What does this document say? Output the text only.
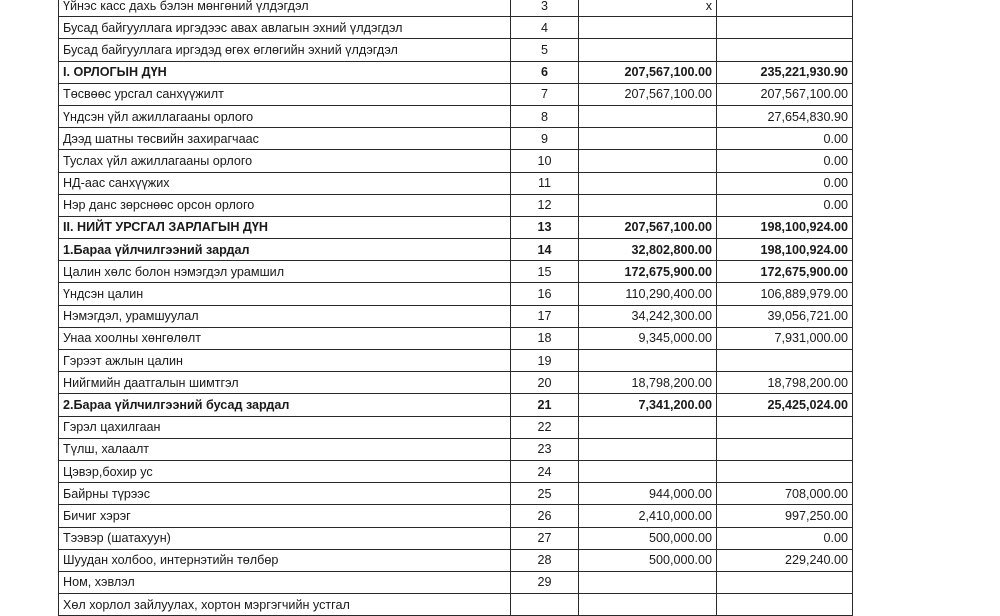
Үйнэс касс дахь бэлэн мөнгөний үлдэгдэл	3	x	
Бусад байгууллага иргэдээс авах авлагын эхний үлдэгдэл	4		
Бусад байгууллага иргэдэд өгөх өглөгийн эхний үлдэгдэл	5		
I. ОРЛОГЫН ДҮН	6	207,567,100.00	235,221,930.90
Төсвөөс урсгал санхүүжилт	7	207,567,100.00	207,567,100.00
Үндсэн үйл ажиллагааны орлого	8		27,654,830.90
Дээд шатны төсвийн захирагчаас	9		0.00
Туслах үйл ажиллагааны орлого	10		0.00
НД-аас санхүүжих	11		0.00
Нэр данс зөрснөөс орсон орлого	12		0.00
II. НИЙТ УРСГАЛ ЗАРЛАГЫН ДҮН	13	207,567,100.00	198,100,924.00
1.Бараа үйлчилгээний зардал	14	32,802,800.00	198,100,924.00
Цалин хөлс болон нэмэгдэл урамшил	15	172,675,900.00	172,675,900.00
Үндсэн цалин	16	110,290,400.00	106,889,979.00
Нэмэгдэл, урамшуулал	17	34,242,300.00	39,056,721.00
Унаа хоолны хөнгөлөлт	18	9,345,000.00	7,931,000.00
Гэрээт ажлын цалин	19		
Нийгмийн даатгалын шимтгэл	20	18,798,200.00	18,798,200.00
2.Бараа үйлчилгээний бусад зардал	21	7,341,200.00	25,425,024.00
Гэрэл цахилгаан	22		
Түлш, халаалт	23		
Цэвэр,бохир ус	24		
Байрны түрээс	25	944,000.00	708,000.00
Бичиг хэрэг	26	2,410,000.00	997,250.00
Тээвэр (шатахуун)	27	500,000.00	0.00
Шуудан холбоо, интернэтийн төлбөр	28	500,000.00	229,240.00
Ном, хэвлэл	29		
Хөл хорлол зайлуулах, хортон мэргэгчийн устгал			
